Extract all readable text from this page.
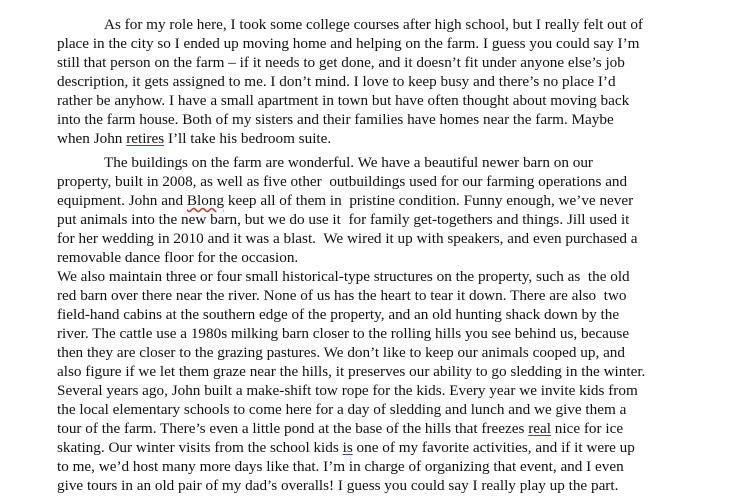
As for my role here, I took some college courses after high school, but I really felt out of
place in the city so I ended up moving home and helping on the farm. I guess you could say I’m
still that person on the farm – if it needs to get done, and it doesn’t fit under anyone else’s job
description, it gets assigned to me. I don’t mind. I love to keep busy and there’s no place I’d
rather be anyhow. I have a small apartment in town but have often thought about moving back
into the farm house. Both of my sisters and their families have homes near the farm. Maybe
when John retires I’ll take his bedroom suite.
The buildings on the farm are wonderful. We have a beautiful newer barn on our
property, built in 2008, as well as five other  outbuildings used for our farming operations and
equipment. John and Blong keep all of them in  pristine condition. Funny enough, we’ve never
put animals into the new barn, but we do use it  for family get-togethers and things. Jill used it
for her wedding in 2010 and it was a blast.  We wired it up with speakers, and even purchased a
removable dance floor for the occasion.
We also maintain three or four small historical-type structures on the property, such as  the old
red barn over there near the river. None of us has the heart to tear it down. There are also  two
field-hand cabins at the southern edge of the property, and an old hunting shack down by the
river. The cattle use a 1980s milking barn closer to the rolling hills you see behind us, because
then they are closer to the grazing pastures. We don’t like to keep our animals cooped up, and
also figure if we let them graze near the hills, it preserves our ability to go sledding in the winter.
Several years ago, John built a make-shift tow rope for the kids. Every year we invite kids from
the local elementary schools to come here for a day of sledding and lunch and we give them a
tour of the farm. There’s even a little pond at the base of the hills that freezes real nice for ice
skating. Our winter visits from the school kids is one of my favorite activities, and if it were up
to me, we’d host many more days like that. I’m in charge of organizing that event, and I even
give tours in an old pair of my dad’s overalls! I guess you could say I really play up the part.
